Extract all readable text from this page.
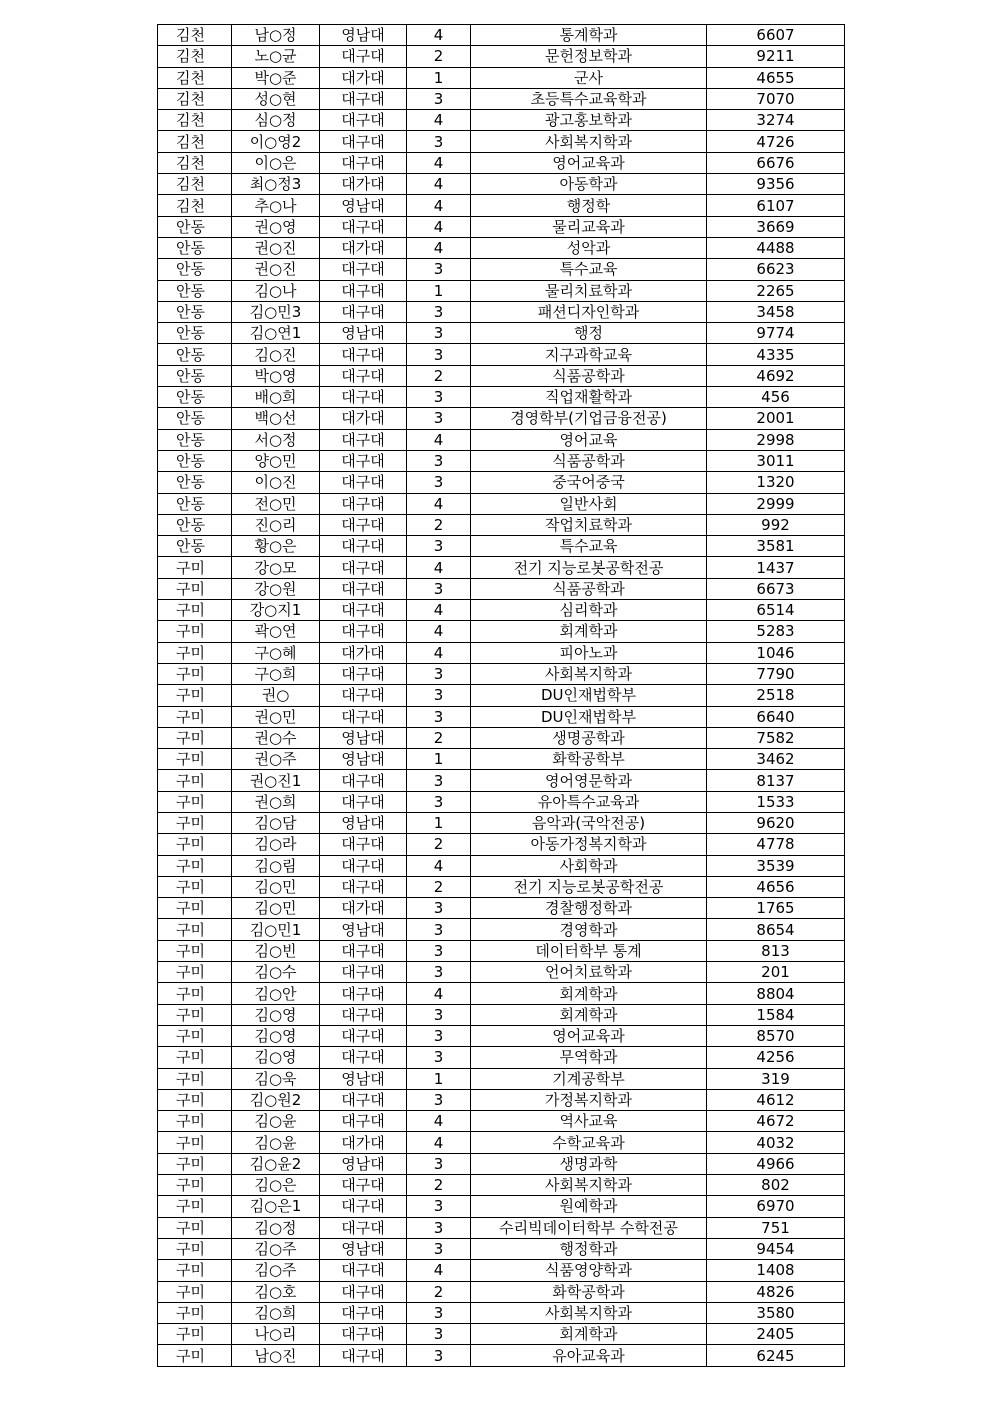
김천	남○정	영남대	4	통계학과	6607
김천	노○균	대구대	2	문헌정보학과	9211
김천	박○준	대가대	1	군사	4655
김천	성○현	대구대	3	초등특수교육학과	7070
김천	심○정	대구대	4	광고홍보학과	3274
김천	이○영2	대구대	3	사회복지학과	4726
김천	이○은	대구대	4	영어교육과	6676
김천	최○정3	대가대	4	아동학과	9356
김천	추○나	영남대	4	행정학	6107
안동	권○영	대구대	4	물리교육과	3669
안동	권○진	대가대	4	성악과	4488
안동	권○진	대구대	3	특수교육	6623
안동	김○나	대구대	1	물리치료학과	2265
안동	김○민3	대구대	3	패션디자인학과	3458
안동	김○연1	영남대	3	행정	9774
안동	김○진	대구대	3	지구과학교육	4335
안동	박○영	대구대	2	식품공학과	4692
안동	배○희	대구대	3	직업재활학과	456
안동	백○선	대가대	3	경영학부(기업금융전공)	2001
안동	서○정	대구대	4	영어교육	2998
안동	양○민	대구대	3	식품공학과	3011
안동	이○진	대구대	3	중국어중국	1320
안동	전○민	대구대	4	일반사회	2999
안동	진○리	대구대	2	작업치료학과	992
안동	황○은	대구대	3	특수교육	3581
구미	강○모	대구대	4	전기 지능로봇공학전공	1437
구미	강○원	대구대	3	식품공학과	6673
구미	강○지1	대구대	4	심리학과	6514
구미	곽○연	대구대	4	회계학과	5283
구미	구○혜	대가대	4	피아노과	1046
구미	구○희	대구대	3	사회복지학과	7790
구미	권○	대구대	3	DU인재법학부	2518
구미	권○민	대구대	3	DU인재법학부	6640
구미	권○수	영남대	2	생명공학과	7582
구미	권○주	영남대	1	화학공학부	3462
구미	권○진1	대구대	3	영어영문학과	8137
구미	권○희	대구대	3	유아특수교육과	1533
구미	김○담	영남대	1	음악과(국악전공)	9620
구미	김○라	대구대	2	아동가정복지학과	4778
구미	김○림	대구대	4	사회학과	3539
구미	김○민	대구대	2	전기 지능로봇공학전공	4656
구미	김○민	대가대	3	경찰행정학과	1765
구미	김○민1	영남대	3	경영학과	8654
구미	김○빈	대구대	3	데이터학부 통계	813
구미	김○수	대구대	3	언어치료학과	201
구미	김○안	대구대	4	회계학과	8804
구미	김○영	대구대	3	회계학과	1584
구미	김○영	대구대	3	영어교육과	8570
구미	김○영	대구대	3	무역학과	4256
구미	김○욱	영남대	1	기계공학부	319
구미	김○원2	대구대	3	가정복지학과	4612
구미	김○윤	대구대	4	역사교육	4672
구미	김○윤	대가대	4	수학교육과	4032
구미	김○윤2	영남대	3	생명과학	4966
구미	김○은	대구대	2	사회복지학과	802
구미	김○은1	대구대	3	원예학과	6970
구미	김○정	대구대	3	수리빅데이터학부 수학전공	751
구미	김○주	영남대	3	행정학과	9454
구미	김○주	대구대	4	식품영양학과	1408
구미	김○호	대구대	2	화학공학과	4826
구미	김○희	대구대	3	사회복지학과	3580
구미	나○리	대구대	3	회계학과	2405
구미	남○진	대구대	3	유아교육과	6245
